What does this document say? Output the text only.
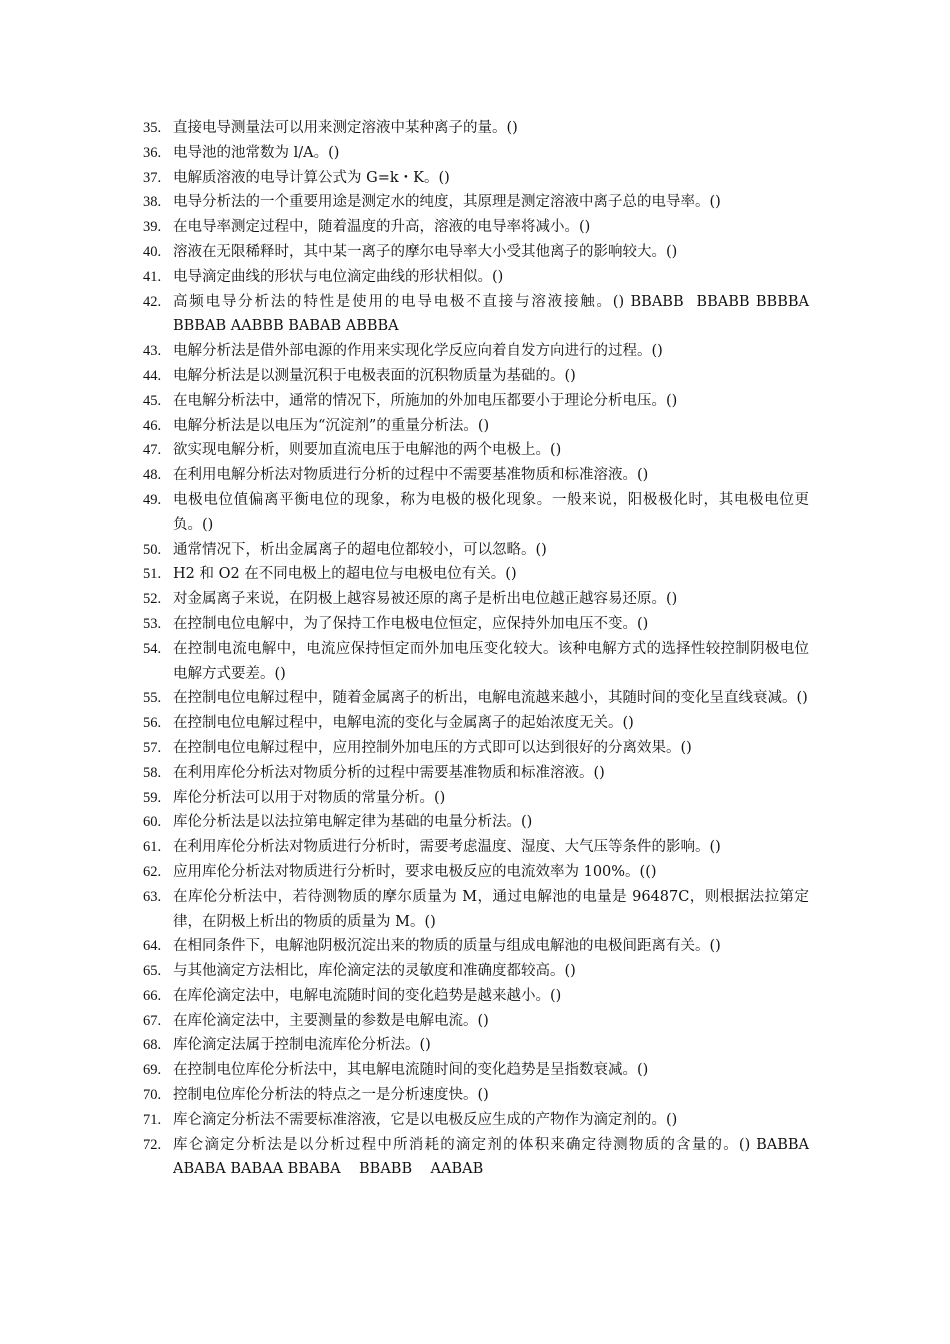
35. 直接电导测量法可以用来测定溶液中某种离子的量。()
36. 电导池的池常数为 l/A。()
37. 电解质溶液的电导计算公式为 G=k・K。()
38. 电导分析法的一个重要用途是测定水的纯度，其原理是测定溶液中离子总的电导率。()
39. 在电导率测定过程中，随着温度的升高，溶液的电导率将减小。()
40. 溶液在无限稀释时，其中某一离子的摩尔电导率大小受其他离子的影响较大。()
41. 电导滴定曲线的形状与电位滴定曲线的形状相似。()
42. 高频电导分析法的特性是使用的电导电极不直接与溶液接触。() BBABB  BBABB BBBBA BBBAB AABBB BABAB ABBBA
43. 电解分析法是借外部电源的作用来实现化学反应向着自发方向进行的过程。()
44. 电解分析法是以测量沉积于电极表面的沉积物质量为基础的。()
45. 在电解分析法中，通常的情况下，所施加的外加电压都要小于理论分析电压。()
46. 电解分析法是以电压为“沉淀剂”的重量分析法。()
47. 欲实现电解分析，则要加直流电压于电解池的两个电极上。()
48. 在利用电解分析法对物质进行分析的过程中不需要基准物质和标准溶液。()
49. 电极电位值偏离平衡电位的现象，称为电极的极化现象。一般来说，阳极极化时，其电极电位更负。()
50. 通常情况下，析出金属离子的超电位都较小，可以忽略。()
51. H2 和 O2 在不同电极上的超电位与电极电位有关。()
52. 对金属离子来说，在阴极上越容易被还原的离子是析出电位越正越容易还原。()
53. 在控制电位电解中，为了保持工作电极电位恒定，应保持外加电压不变。()
54. 在控制电流电解中，电流应保持恒定而外加电压变化较大。该种电解方式的选择性较控制阴极电位电解方式要差。()
55. 在控制电位电解过程中，随着金属离子的析出，电解电流越来越小，其随时间的变化呈直线衰减。()
56. 在控制电位电解过程中，电解电流的变化与金属离子的起始浓度无关。()
57. 在控制电位电解过程中，应用控制外加电压的方式即可以达到很好的分离效果。()
58. 在利用库伦分析法对物质分析的过程中需要基准物质和标准溶液。()
59. 库伦分析法可以用于对物质的常量分析。()
60. 库伦分析法是以法拉第电解定律为基础的电量分析法。()
61. 在利用库伦分析法对物质进行分析时，需要考虑温度、湿度、大气压等条件的影响。()
62. 应用库伦分析法对物质进行分析时，要求电极反应的电流效率为 100%。(()
63. 在库伦分析法中，若待测物质的摩尔质量为 M，通过电解池的电量是 96487C，则根据法拉第定律，在阴极上析出的物质的质量为 M。()
64. 在相同条件下，电解池阴极沉淀出来的物质的质量与组成电解池的电极间距离有关。()
65. 与其他滴定方法相比，库伦滴定法的灵敏度和准确度都较高。()
66. 在库伦滴定法中，电解电流随时间的变化趋势是越来越小。()
67. 在库伦滴定法中，主要测量的参数是电解电流。()
68. 库伦滴定法属于控制电流库伦分析法。()
69. 在控制电位库伦分析法中，其电解电流随时间的变化趋势是呈指数衰减。()
70. 控制电位库伦分析法的特点之一是分析速度快。()
71. 库仑滴定分析法不需要标准溶液，它是以电极反应生成的产物作为滴定剂的。()
72. 库仑滴定分析法是以分析过程中所消耗的滴定剂的体积来确定待测物质的含量的。() BABBA ABABA BABAA BBABA    BBABB    AABAB
